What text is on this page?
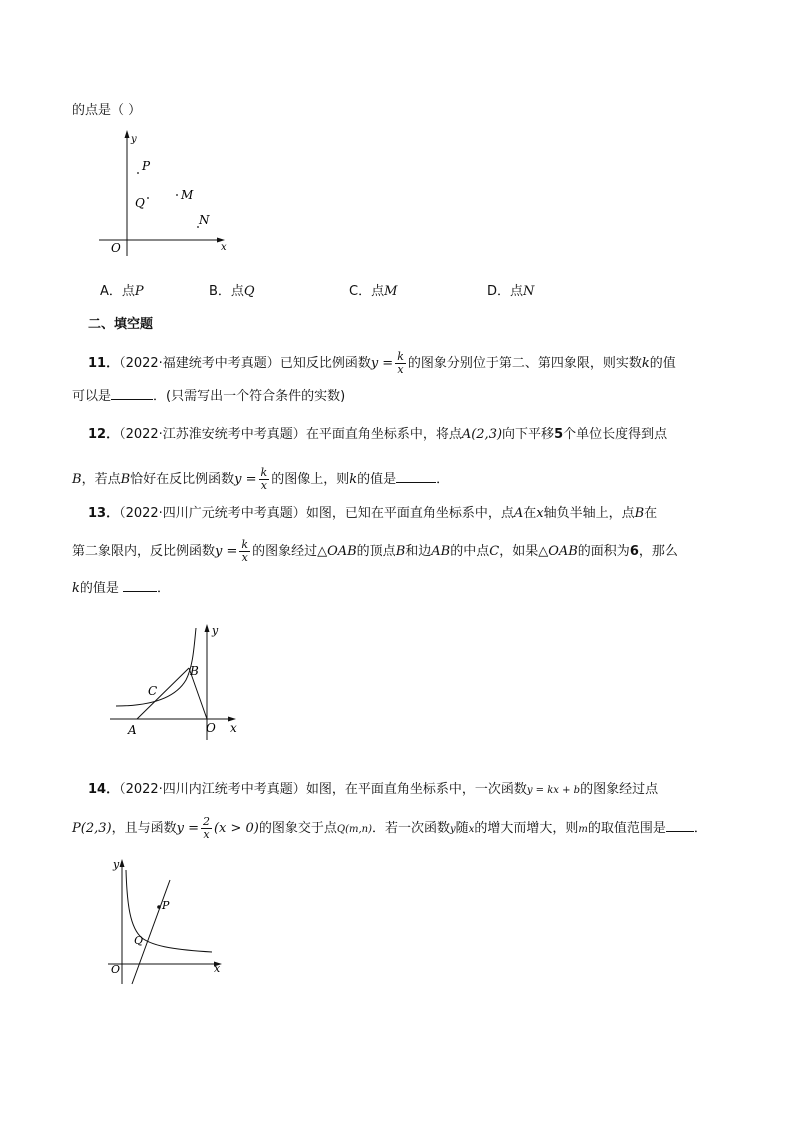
的点是（ ）
y
x
O
P
Q
M
N
A．点P	B．点Q	C．点M	D．点N
二、填空题
11．（2022·福建统考中考真题）已知反比例函数$y = \frac{k}{x}$ 的图象分别位于第二、第四象限，则实数k的值
可以是	．(只需写出一个符合条件的实数)
12．（2022·江苏淮安统考中考真题）在平面直角坐标系中，将点A(2,3)向下平移5个单位长度得到点
B，若点B恰好在反比例函数$y = \frac{k}{x}$ 的图像上，则k的值是	．
13．（2022·四川广元统考中考真题）如图，已知在平面直角坐标系中，点A在x轴负半轴上，点B在
第二象限内，反比例函数$y = \frac{k}{x}$ 的图象经过△OAB的顶点B和边AB的中点C，如果△OAB的面积为6，那么
k的值是	．
y
x
O
A
B
C
14．（2022·四川内江统考中考真题）如图，在平面直角坐标系中，一次函数y = kx + b的图象经过点
P(2,3)，且与函数$y = \frac{2}{x} (x > 0)$的图象交于点Q(m,n)．若一次函数y随x的增大而增大，则m的取值范围是 ．
y
x
O
P
Q
